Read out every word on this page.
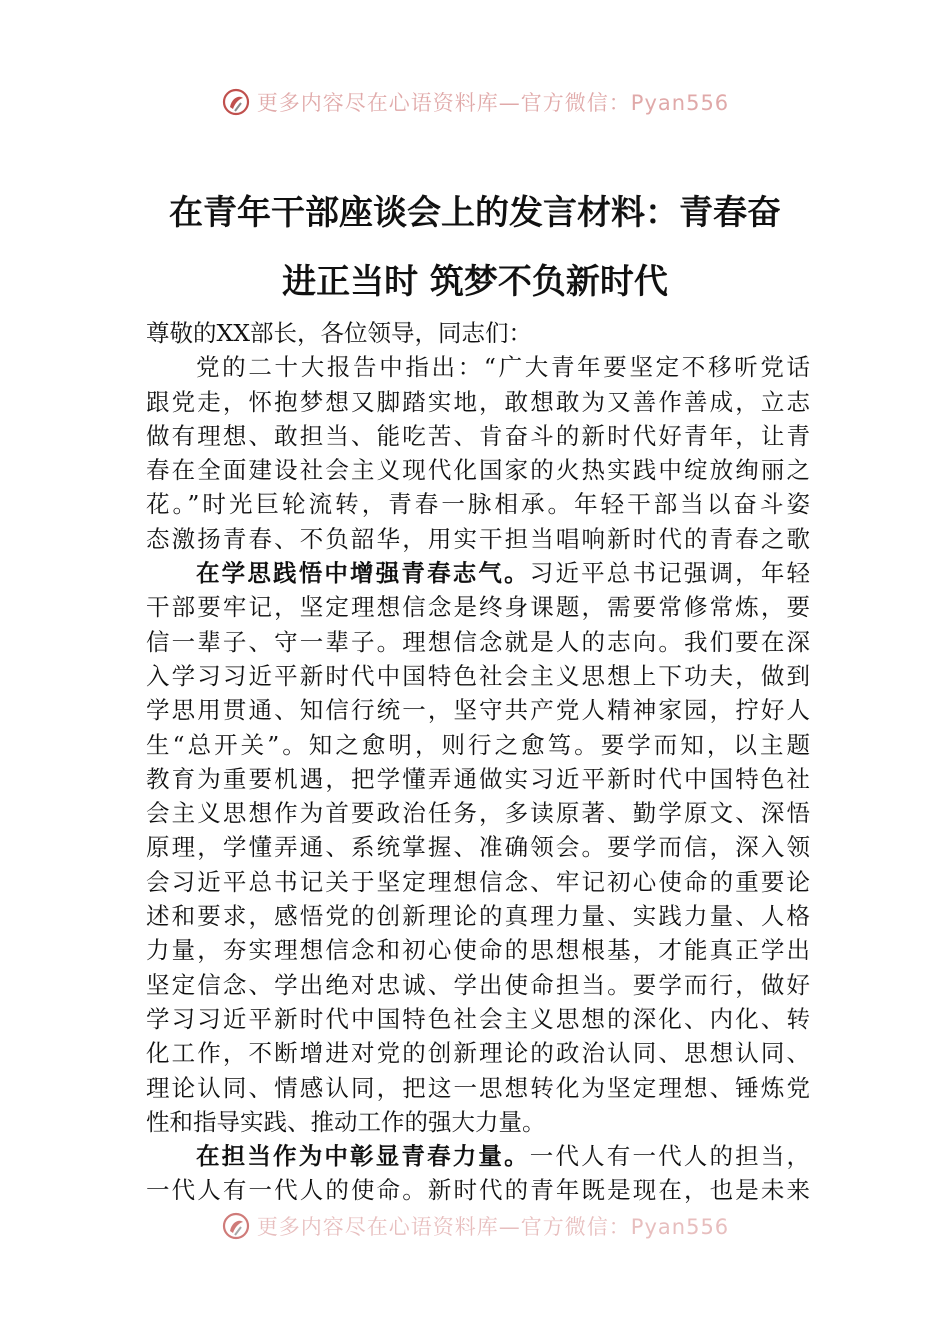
更多内容尽在心语资料库—官方微信：Pyan556
在青年干部座谈会上的发言材料：青春奋
进正当时 筑梦不负新时代
尊敬的XX部长，各位领导，同志们：
党的二十大报告中指出：“广大青年要坚定不移听党话
跟党走，怀抱梦想又脚踏实地，敢想敢为又善作善成，立志
做有理想、敢担当、能吃苦、肯奋斗的新时代好青年，让青
春在全面建设社会主义现代化国家的火热实践中绽放绚丽之
花。”时光巨轮流转，青春一脉相承。年轻干部当以奋斗姿
态激扬青春、不负韶华，用实干担当唱响新时代的青春之歌
在学思践悟中增强青春志气。习近平总书记强调，年轻
干部要牢记，坚定理想信念是终身课题，需要常修常炼，要
信一辈子、守一辈子。理想信念就是人的志向。我们要在深
入学习习近平新时代中国特色社会主义思想上下功夫，做到
学思用贯通、知信行统一，坚守共产党人精神家园，拧好人
生“总开关”。知之愈明，则行之愈笃。要学而知，以主题
教育为重要机遇，把学懂弄通做实习近平新时代中国特色社
会主义思想作为首要政治任务，多读原著、勤学原文、深悟
原理，学懂弄通、系统掌握、准确领会。要学而信，深入领
会习近平总书记关于坚定理想信念、牢记初心使命的重要论
述和要求，感悟党的创新理论的真理力量、实践力量、人格
力量，夯实理想信念和初心使命的思想根基，才能真正学出
坚定信念、学出绝对忠诚、学出使命担当。要学而行，做好
学习习近平新时代中国特色社会主义思想的深化、内化、转
化工作，不断增进对党的创新理论的政治认同、思想认同、
理论认同、情感认同，把这一思想转化为坚定理想、锤炼党
性和指导实践、推动工作的强大力量。
在担当作为中彰显青春力量。一代人有一代人的担当，
一代人有一代人的使命。新时代的青年既是现在，也是未来
更多内容尽在心语资料库—官方微信：Pyan556
